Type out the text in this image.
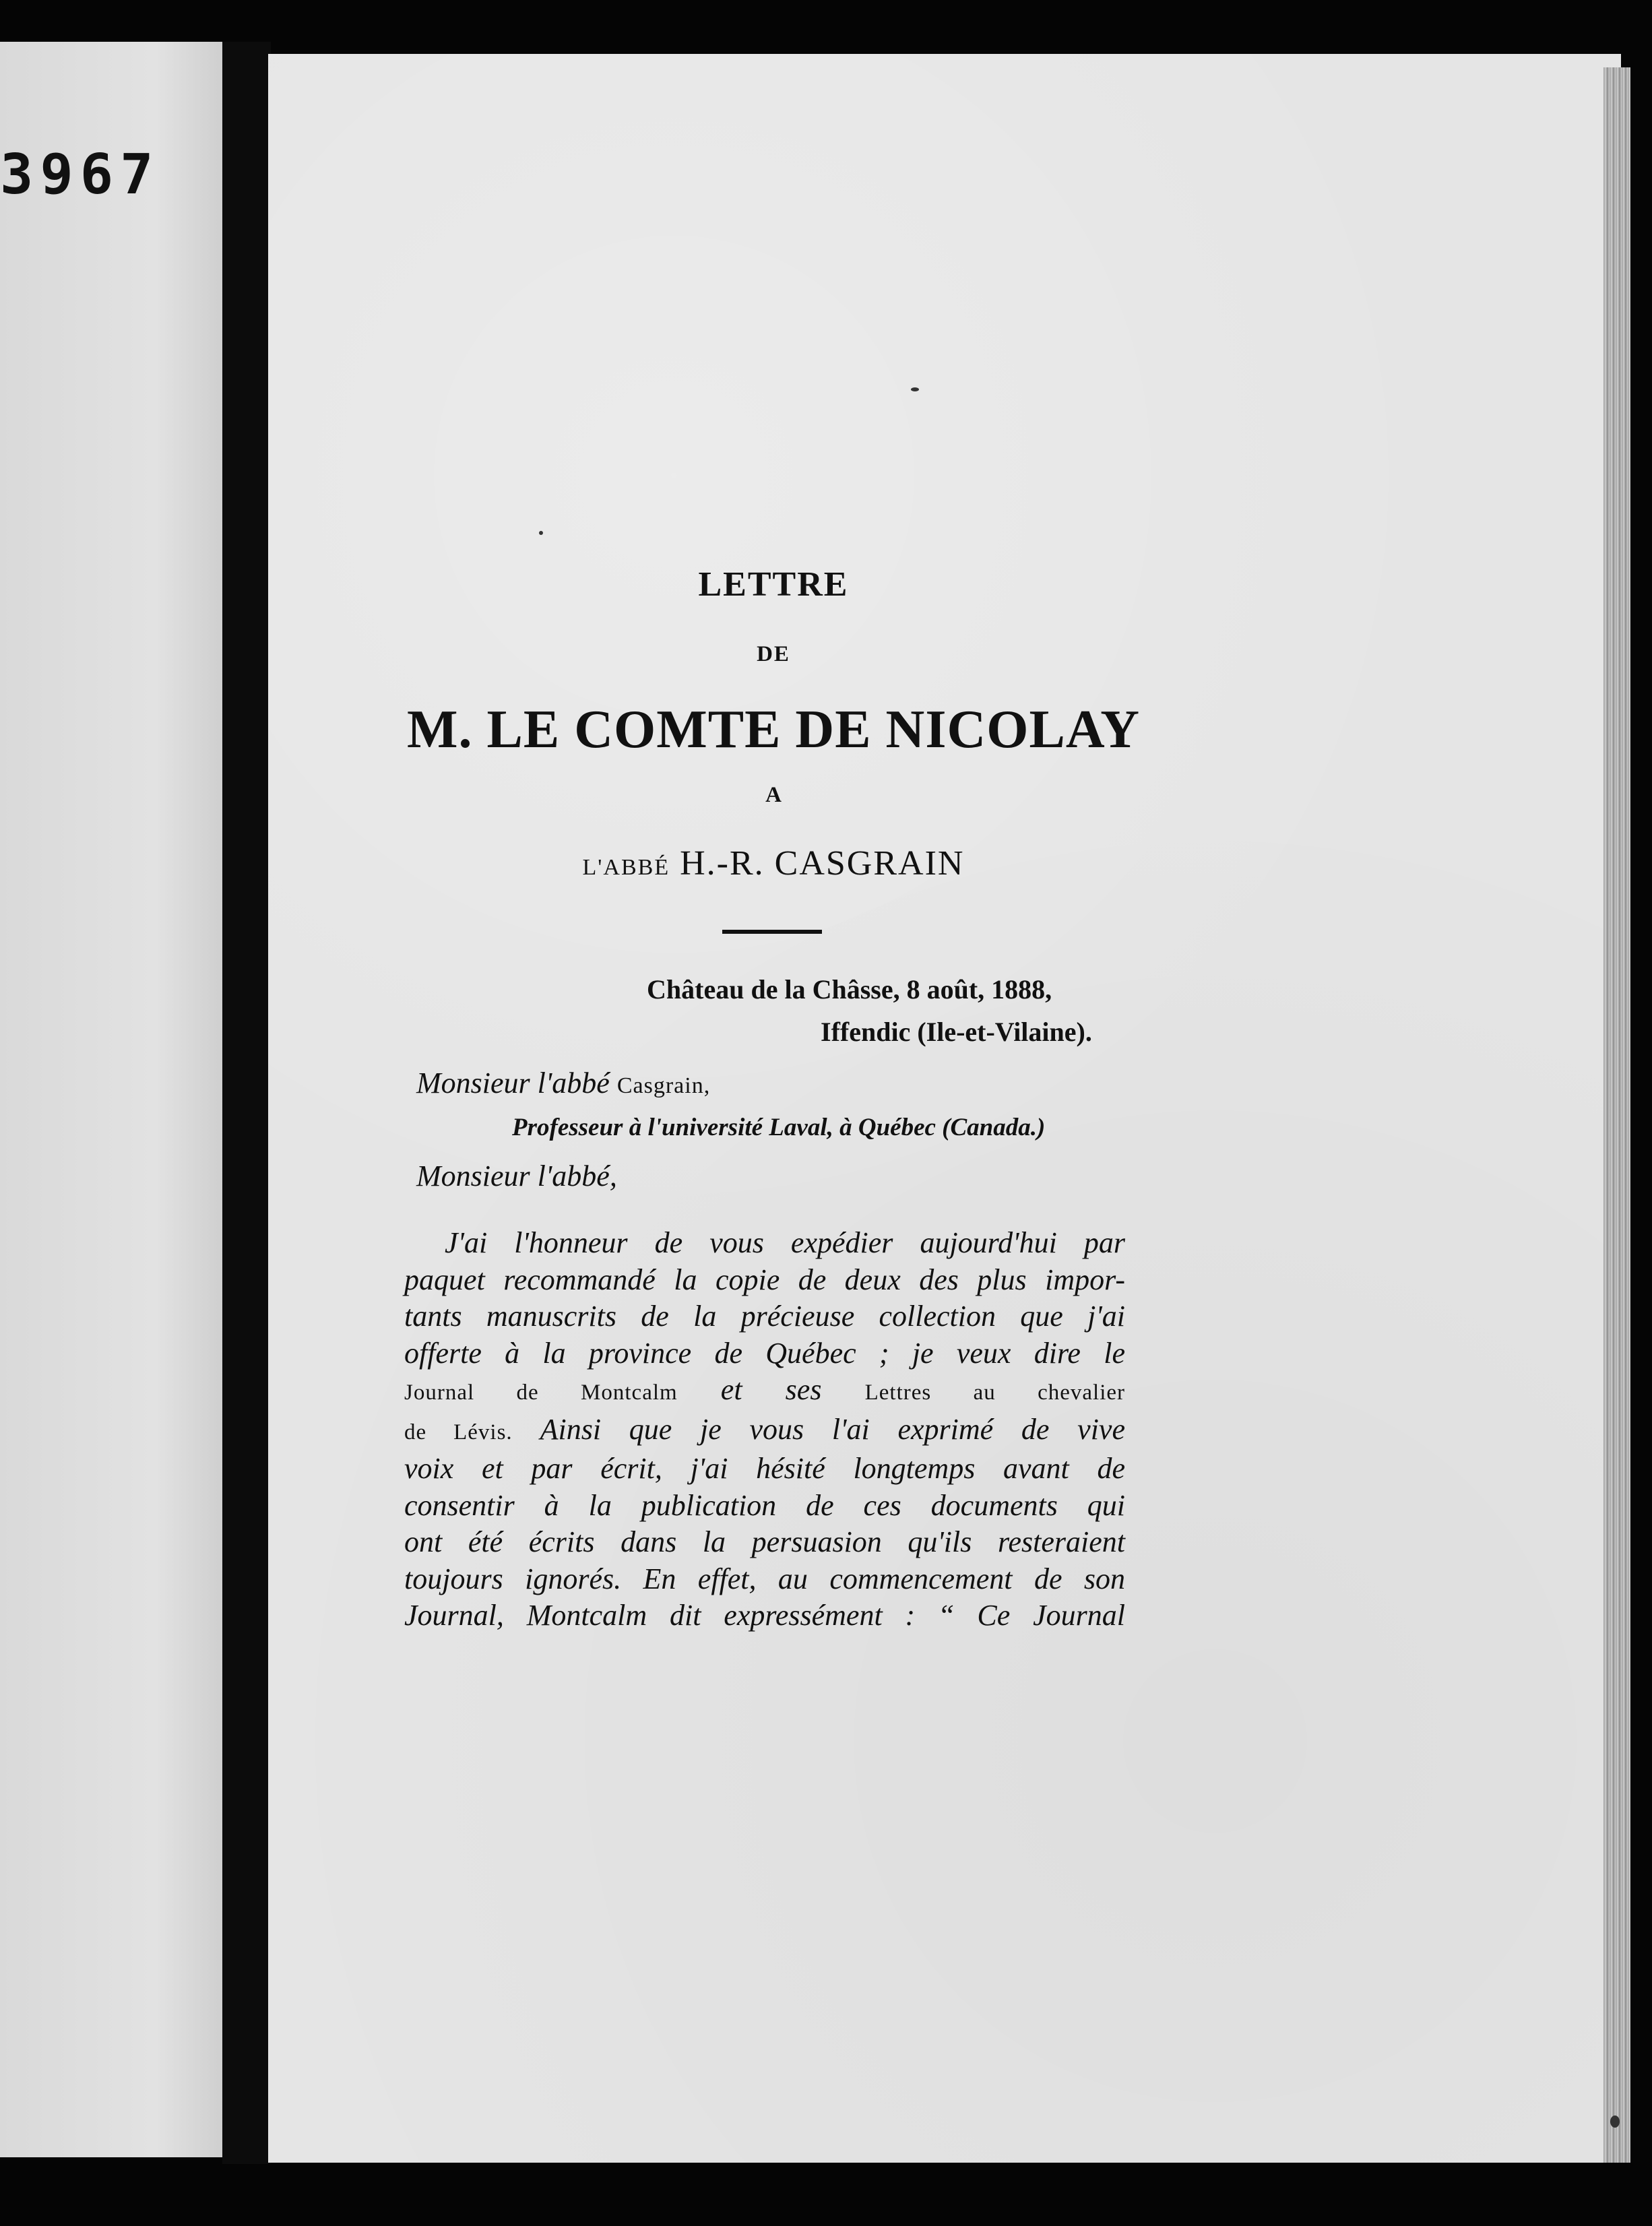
3967
LETTRE
DE
M. LE COMTE DE NICOLAY
A
L'ABBÉ H.-R. CASGRAIN
Château de la Châsse, 8 août, 1888,
Iffendic (Ile-et-Vilaine).
Monsieur l'abbé Casgrain,
Professeur à l'université Laval, à Québec (Canada.)
Monsieur l'abbé,
J'ai l'honneur de vous expédier aujourd'hui par
paquet recommandé la copie de deux des plus impor-
tants manuscrits de la précieuse collection que j'ai
offerte à la province de Québec ; je veux dire le
Journal de Montcalm et ses Lettres au chevalier
de Lévis. Ainsi que je vous l'ai exprimé de vive
voix et par écrit, j'ai hésité longtemps avant de
consentir à la publication de ces documents qui
ont été écrits dans la persuasion qu'ils resteraient
toujours ignorés. En effet, au commencement de son
Journal, Montcalm dit expressément : “ Ce Journal
